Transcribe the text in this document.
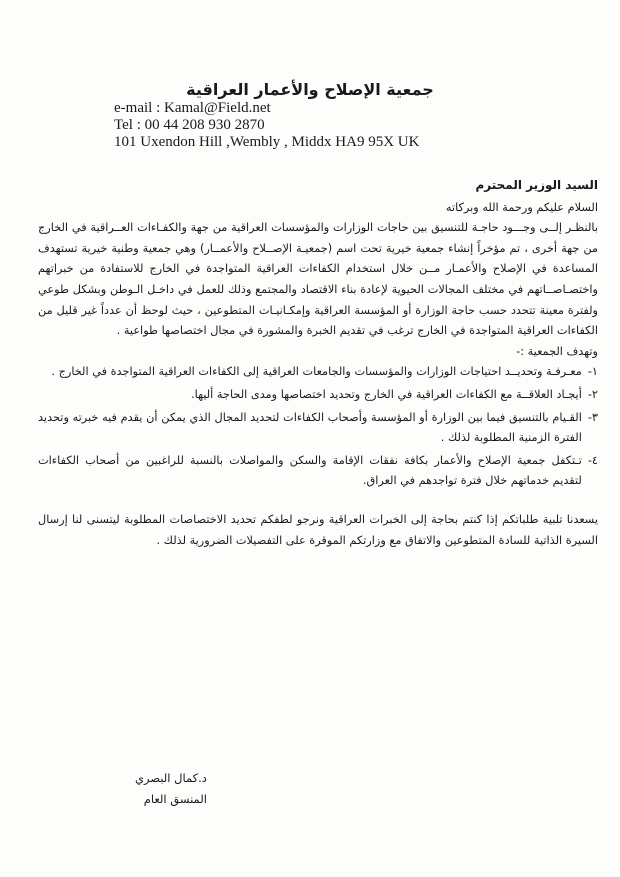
جمعية الإصلاح والأعمار العراقية
e-mail : Kamal@Field.net
Tel : 00 44 208 930 2870
101 Uxendon Hill ,Wembly , Middx HA9 95X UK
السيد الوزير المحترم
السلام عليكم ورحمة الله وبركاته
بالنظـر إلــى وجـــود حاجـة للتنسيق بين حاجات الوزارات والمؤسسات العراقية من جهة والكفـاءات العــراقية في الخارج من جهة أخرى ، تم مؤخراً إنشاء جمعية خيرية تحت اسم (جمعيـة الإصــلاح والأعمــار) وهي جمعية وطنية خيرية تستهدف المساعدة في الإصلاح والأعمـار مــن خلال استخدام الكفاءات العراقية المتواجدة في الخارج للاستفادة من خبراتهم واختصـاصــاتهم في مختلف المجالات الحيوية لإعادة بناء الاقتصاد والمجتمع وذلك للعمل في داخـل الـوطن وبشكل طوعي ولفترة معينة تتحدد حسب حاجة الوزارة أو المؤسسة العراقية وإمكـانيـات المتطوعين ، حيث لوحظ أن عدداً غير قليل من الكفاءات العراقية المتواجدة في الخارج ترغب في تقديم الخبرة والمشورة في مجال اختصاصها طواعية .
وتهدف الجمعية :-
١-
معـرفـة وتحديــد احتياجات الوزارات والمؤسسات والجامعات العراقية إلى الكفاءات العراقية المتواجدة في الخارج .
٢-
أيجـاد العلاقــة مع الكفاءات العراقية في الخارج وتحديد اختصاصها ومدى الحاجة أليها.
٣-
القـيام بالتنسيق فيما بين الوزارة أو المؤسسة وأصحاب الكفاءات لتحديد المجال الذي يمكن أن يقدم فيه خبرته وتحديد الفترة الزمنية المطلوبة لذلك .
٤-
تـتكفل جمعية الإصلاح والأعمار بكافة نفقات الإقامة والسكن والمواصلات بالنسبة للراغبين من أصحاب الكفاءات لتقديم خدماتهم خلال فترة تواجدهم في العراق.
يسعدنا تلبية طلباتكم إذا كنتم بحاجة إلى الخبرات العراقية ونرجو لطفكم تحديد الاختصاصات المطلوبة ليتسنى لنا إرسال السيرة الذاتية للسادة المتطوعين والاتفاق مع وزارتكم الموقرة على التفصيلات الضرورية لذلك .
د.كمال البصري
المنسق العام
